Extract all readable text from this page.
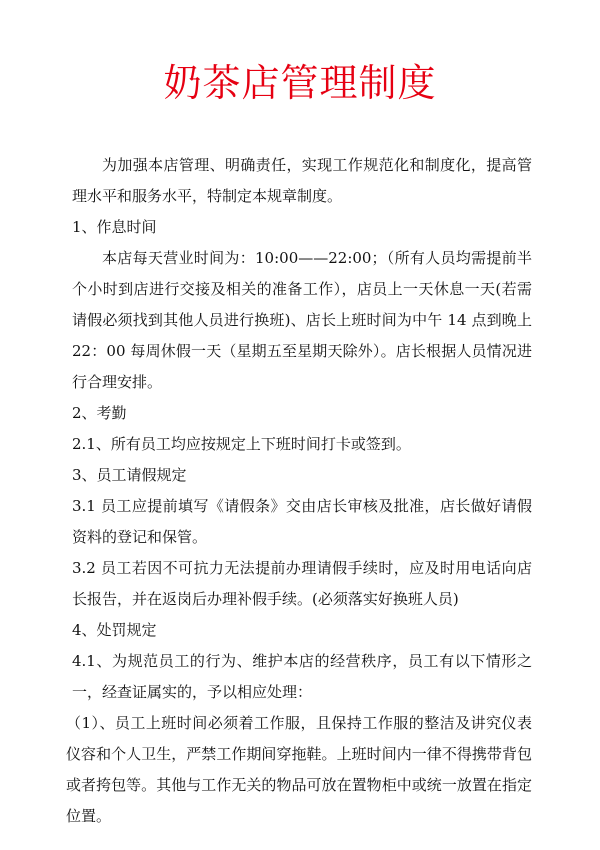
奶茶店管理制度

为加强本店管理、明确责任，实现工作规范化和制度化，提高管理水平和服务水平，特制定本规章制度。

1、作息时间

本店每天营业时间为：10:00——22:00；（所有人员均需提前半个小时到店进行交接及相关的准备工作），店员上一天休息一天(若需请假必须找到其他人员进行换班)、店长上班时间为中午 14 点到晚上 22：00 每周休假一天（星期五至星期天除外）。店长根据人员情况进行合理安排。

2、考勤

2.1、所有员工均应按规定上下班时间打卡或签到。

3、员工请假规定

3.1 员工应提前填写《请假条》交由店长审核及批准，店长做好请假资料的登记和保管。

3.2 员工若因不可抗力无法提前办理请假手续时，应及时用电话向店长报告，并在返岗后办理补假手续。(必须落实好换班人员)

4、处罚规定

4.1、为规范员工的行为、维护本店的经营秩序，员工有以下情形之一，经查证属实的，予以相应处理：

（1）、员工上班时间必须着工作服，且保持工作服的整洁及讲究仪表仪容和个人卫生，严禁工作期间穿拖鞋。上班时间内一律不得携带背包或者挎包等。其他与工作无关的物品可放在置物柜中或统一放置在指定位置。
